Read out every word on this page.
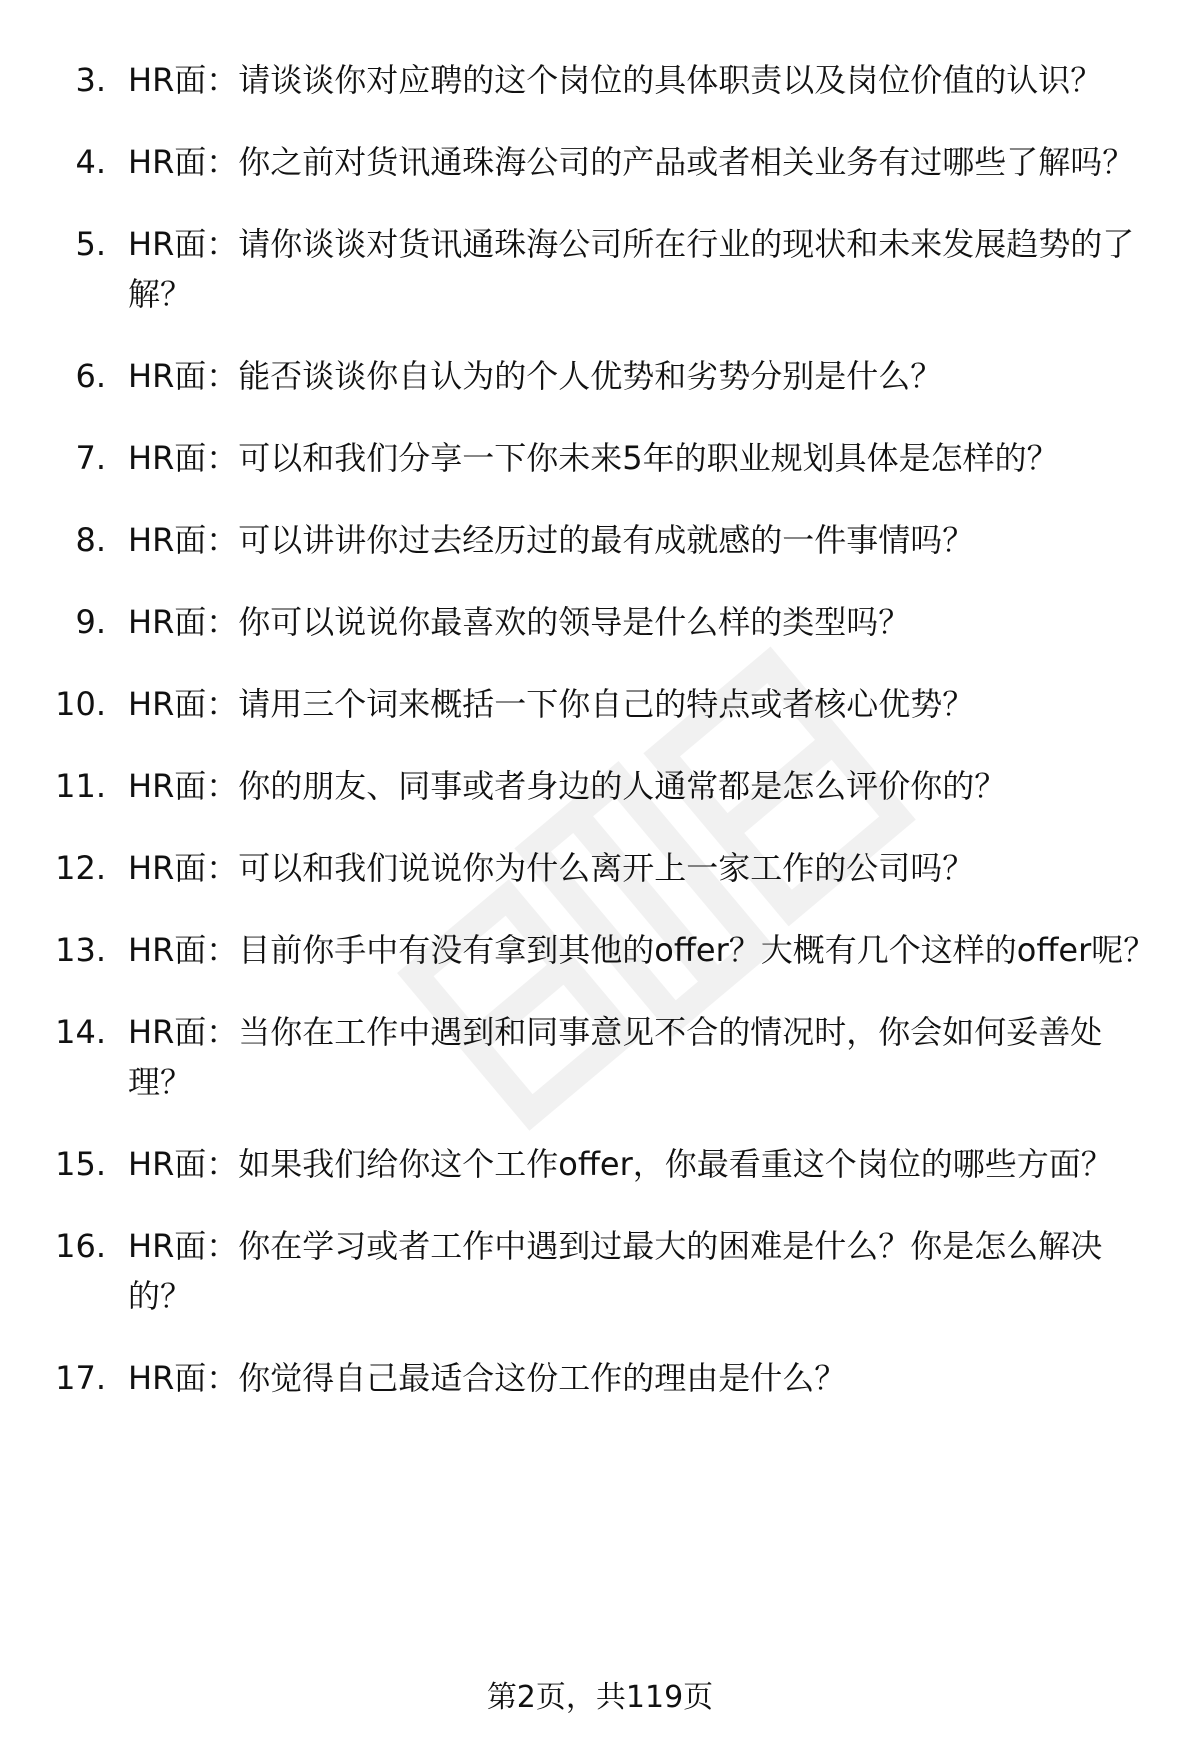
3. HR面：请谈谈你对应聘的这个岗位的具体职责以及岗位价值的认识？
4. HR面：你之前对货讯通珠海公司的产品或者相关业务有过哪些了解吗？
5. HR面：请你谈谈对货讯通珠海公司所在行业的现状和未来发展趋势的了解？
6. HR面：能否谈谈你自认为的个人优势和劣势分别是什么？
7. HR面：可以和我们分享一下你未来5年的职业规划具体是怎样的？
8. HR面：可以讲讲你过去经历过的最有成就感的一件事情吗？
9. HR面：你可以说说你最喜欢的领导是什么样的类型吗？
10. HR面：请用三个词来概括一下你自己的特点或者核心优势？
11. HR面：你的朋友、同事或者身边的人通常都是怎么评价你的？
12. HR面：可以和我们说说你为什么离开上一家工作的公司吗？
13. HR面：目前你手中有没有拿到其他的offer？大概有几个这样的offer呢？
14. HR面：当你在工作中遇到和同事意见不合的情况时，你会如何妥善处理？
15. HR面：如果我们给你这个工作offer，你最看重这个岗位的哪些方面？
16. HR面：你在学习或者工作中遇到过最大的困难是什么？你是怎么解决的？
17. HR面：你觉得自己最适合这份工作的理由是什么？
第2页，共119页
